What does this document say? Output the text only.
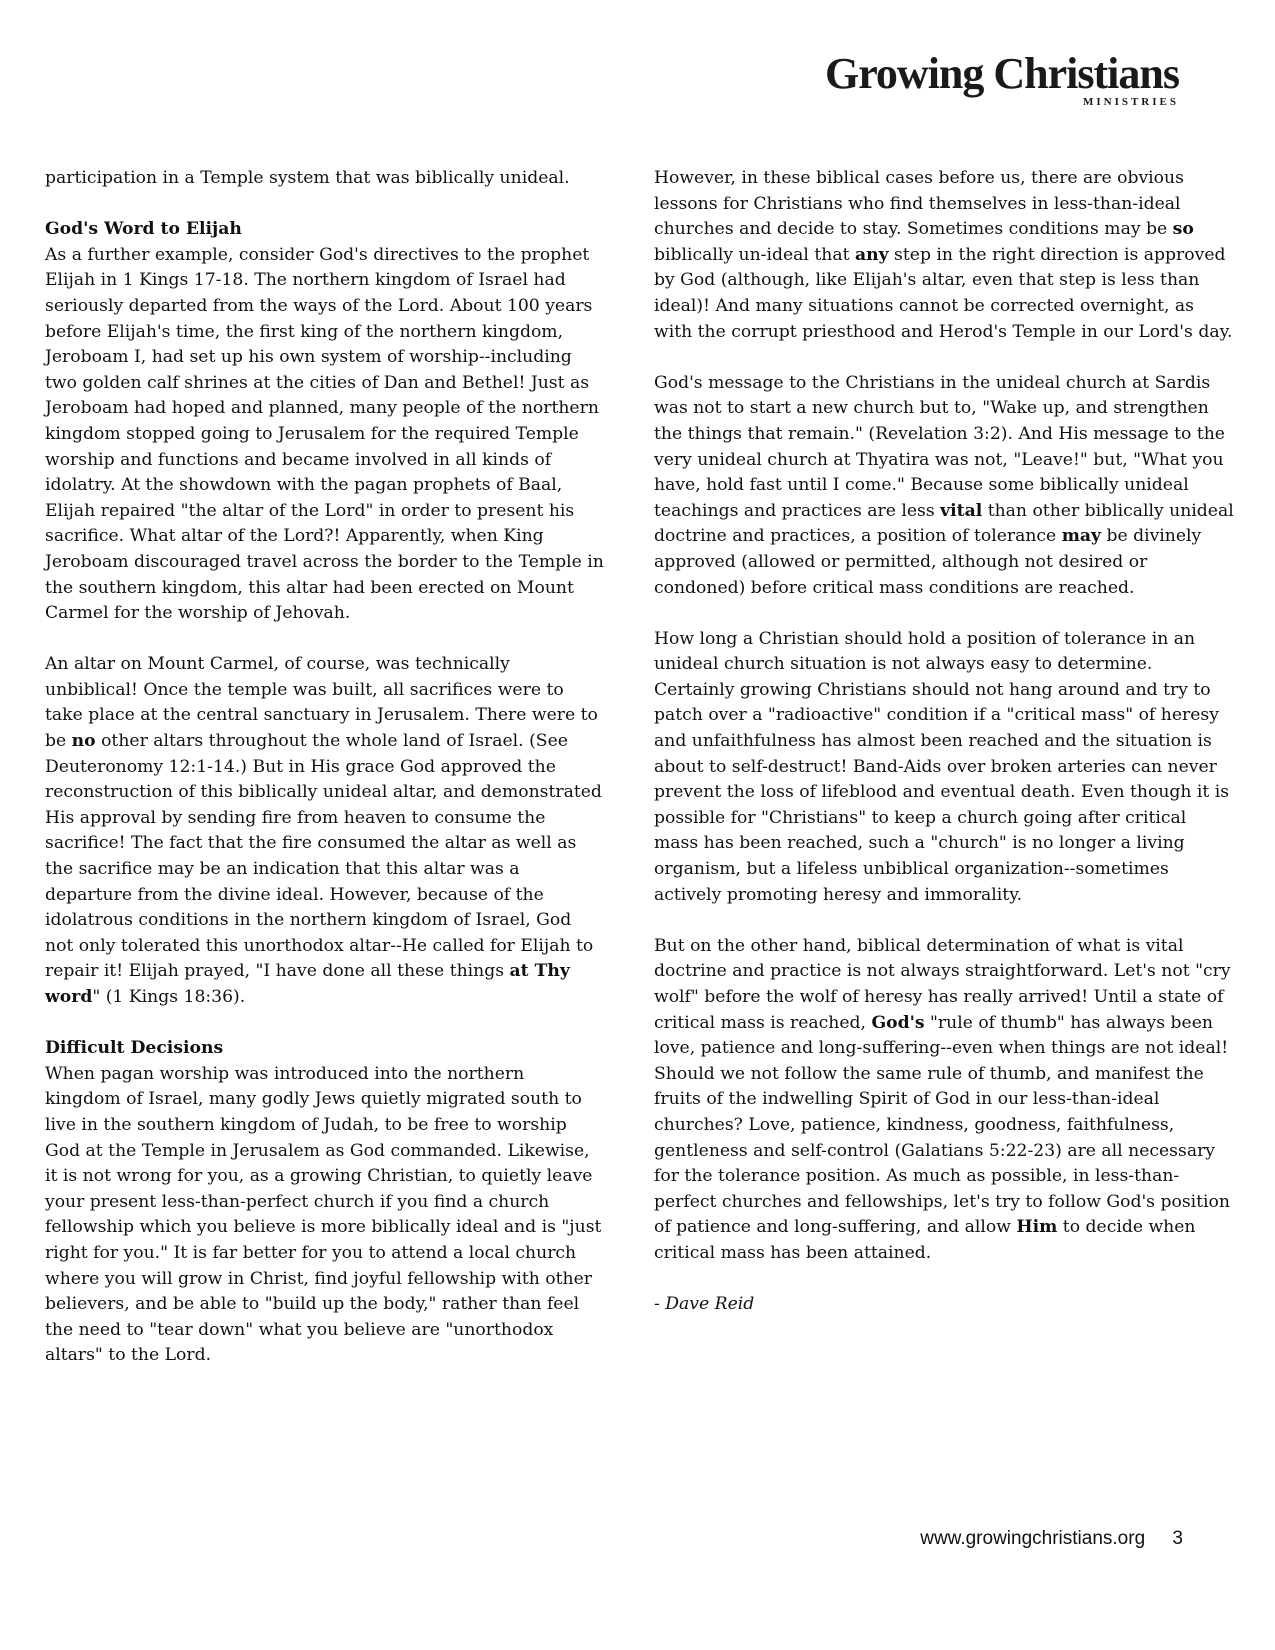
Growing Christians
MINISTRIES

participation in a Temple system that was biblically unideal.

God's Word to Elijah

As a further example, consider God's directives to the prophet Elijah in 1 Kings 17-18. The northern kingdom of Israel had seriously departed from the ways of the Lord. About 100 years before Elijah's time, the first king of the northern kingdom, Jeroboam I, had set up his own system of worship--including two golden calf shrines at the cities of Dan and Bethel! Just as Jeroboam had hoped and planned, many people of the northern kingdom stopped going to Jerusalem for the required Temple worship and functions and became involved in all kinds of idolatry. At the showdown with the pagan prophets of Baal, Elijah repaired "the altar of the Lord" in order to present his sacrifice. What altar of the Lord?! Apparently, when King Jeroboam discouraged travel across the border to the Temple in the southern kingdom, this altar had been erected on Mount Carmel for the worship of Jehovah.

An altar on Mount Carmel, of course, was technically unbiblical! Once the temple was built, all sacrifices were to take place at the central sanctuary in Jerusalem. There were to be no other altars throughout the whole land of Israel. (See Deuteronomy 12:1-14.) But in His grace God approved the reconstruction of this biblically unideal altar, and demonstrated His approval by sending fire from heaven to consume the sacrifice! The fact that the fire consumed the altar as well as the sacrifice may be an indication that this altar was a departure from the divine ideal. However, because of the idolatrous conditions in the northern kingdom of Israel, God not only tolerated this unorthodox altar--He called for Elijah to repair it! Elijah prayed, "I have done all these things at Thy word" (1 Kings 18:36).

Difficult Decisions

When pagan worship was introduced into the northern kingdom of Israel, many godly Jews quietly migrated south to live in the southern kingdom of Judah, to be free to worship God at the Temple in Jerusalem as God commanded. Likewise, it is not wrong for you, as a growing Christian, to quietly leave your present less-than-perfect church if you find a church fellowship which you believe is more biblically ideal and is "just right for you." It is far better for you to attend a local church where you will grow in Christ, find joyful fellowship with other believers, and be able to "build up the body," rather than feel the need to "tear down" what you believe are "unorthodox altars" to the Lord.

However, in these biblical cases before us, there are obvious lessons for Christians who find themselves in less-than-ideal churches and decide to stay. Sometimes conditions may be so biblically un-ideal that any step in the right direction is approved by God (although, like Elijah's altar, even that step is less than ideal)! And many situations cannot be corrected overnight, as with the corrupt priesthood and Herod's Temple in our Lord's day.

God's message to the Christians in the unideal church at Sardis was not to start a new church but to, "Wake up, and strengthen the things that remain." (Revelation 3:2). And His message to the very unideal church at Thyatira was not, "Leave!" but, "What you have, hold fast until I come." Because some biblically unideal teachings and practices are less vital than other biblically unideal doctrine and practices, a position of tolerance may be divinely approved (allowed or permitted, although not desired or condoned) before critical mass conditions are reached.

How long a Christian should hold a position of tolerance in an unideal church situation is not always easy to determine. Certainly growing Christians should not hang around and try to patch over a "radioactive" condition if a "critical mass" of heresy and unfaithfulness has almost been reached and the situation is about to self-destruct! Band-Aids over broken arteries can never prevent the loss of lifeblood and eventual death. Even though it is possible for "Christians" to keep a church going after critical mass has been reached, such a "church" is no longer a living organism, but a lifeless unbiblical organization--sometimes actively promoting heresy and immorality.

But on the other hand, biblical determination of what is vital doctrine and practice is not always straightforward. Let's not "cry wolf" before the wolf of heresy has really arrived! Until a state of critical mass is reached, God's "rule of thumb" has always been love, patience and long-suffering--even when things are not ideal! Should we not follow the same rule of thumb, and manifest the fruits of the indwelling Spirit of God in our less-than-ideal churches? Love, patience, kindness, goodness, faithfulness, gentleness and self-control (Galatians 5:22-23) are all necessary for the tolerance position. As much as possible, in less-than-perfect churches and fellowships, let's try to follow God's position of patience and long-suffering, and allow Him to decide when critical mass has been attained.

- Dave Reid

www.growingchristians.org 3
